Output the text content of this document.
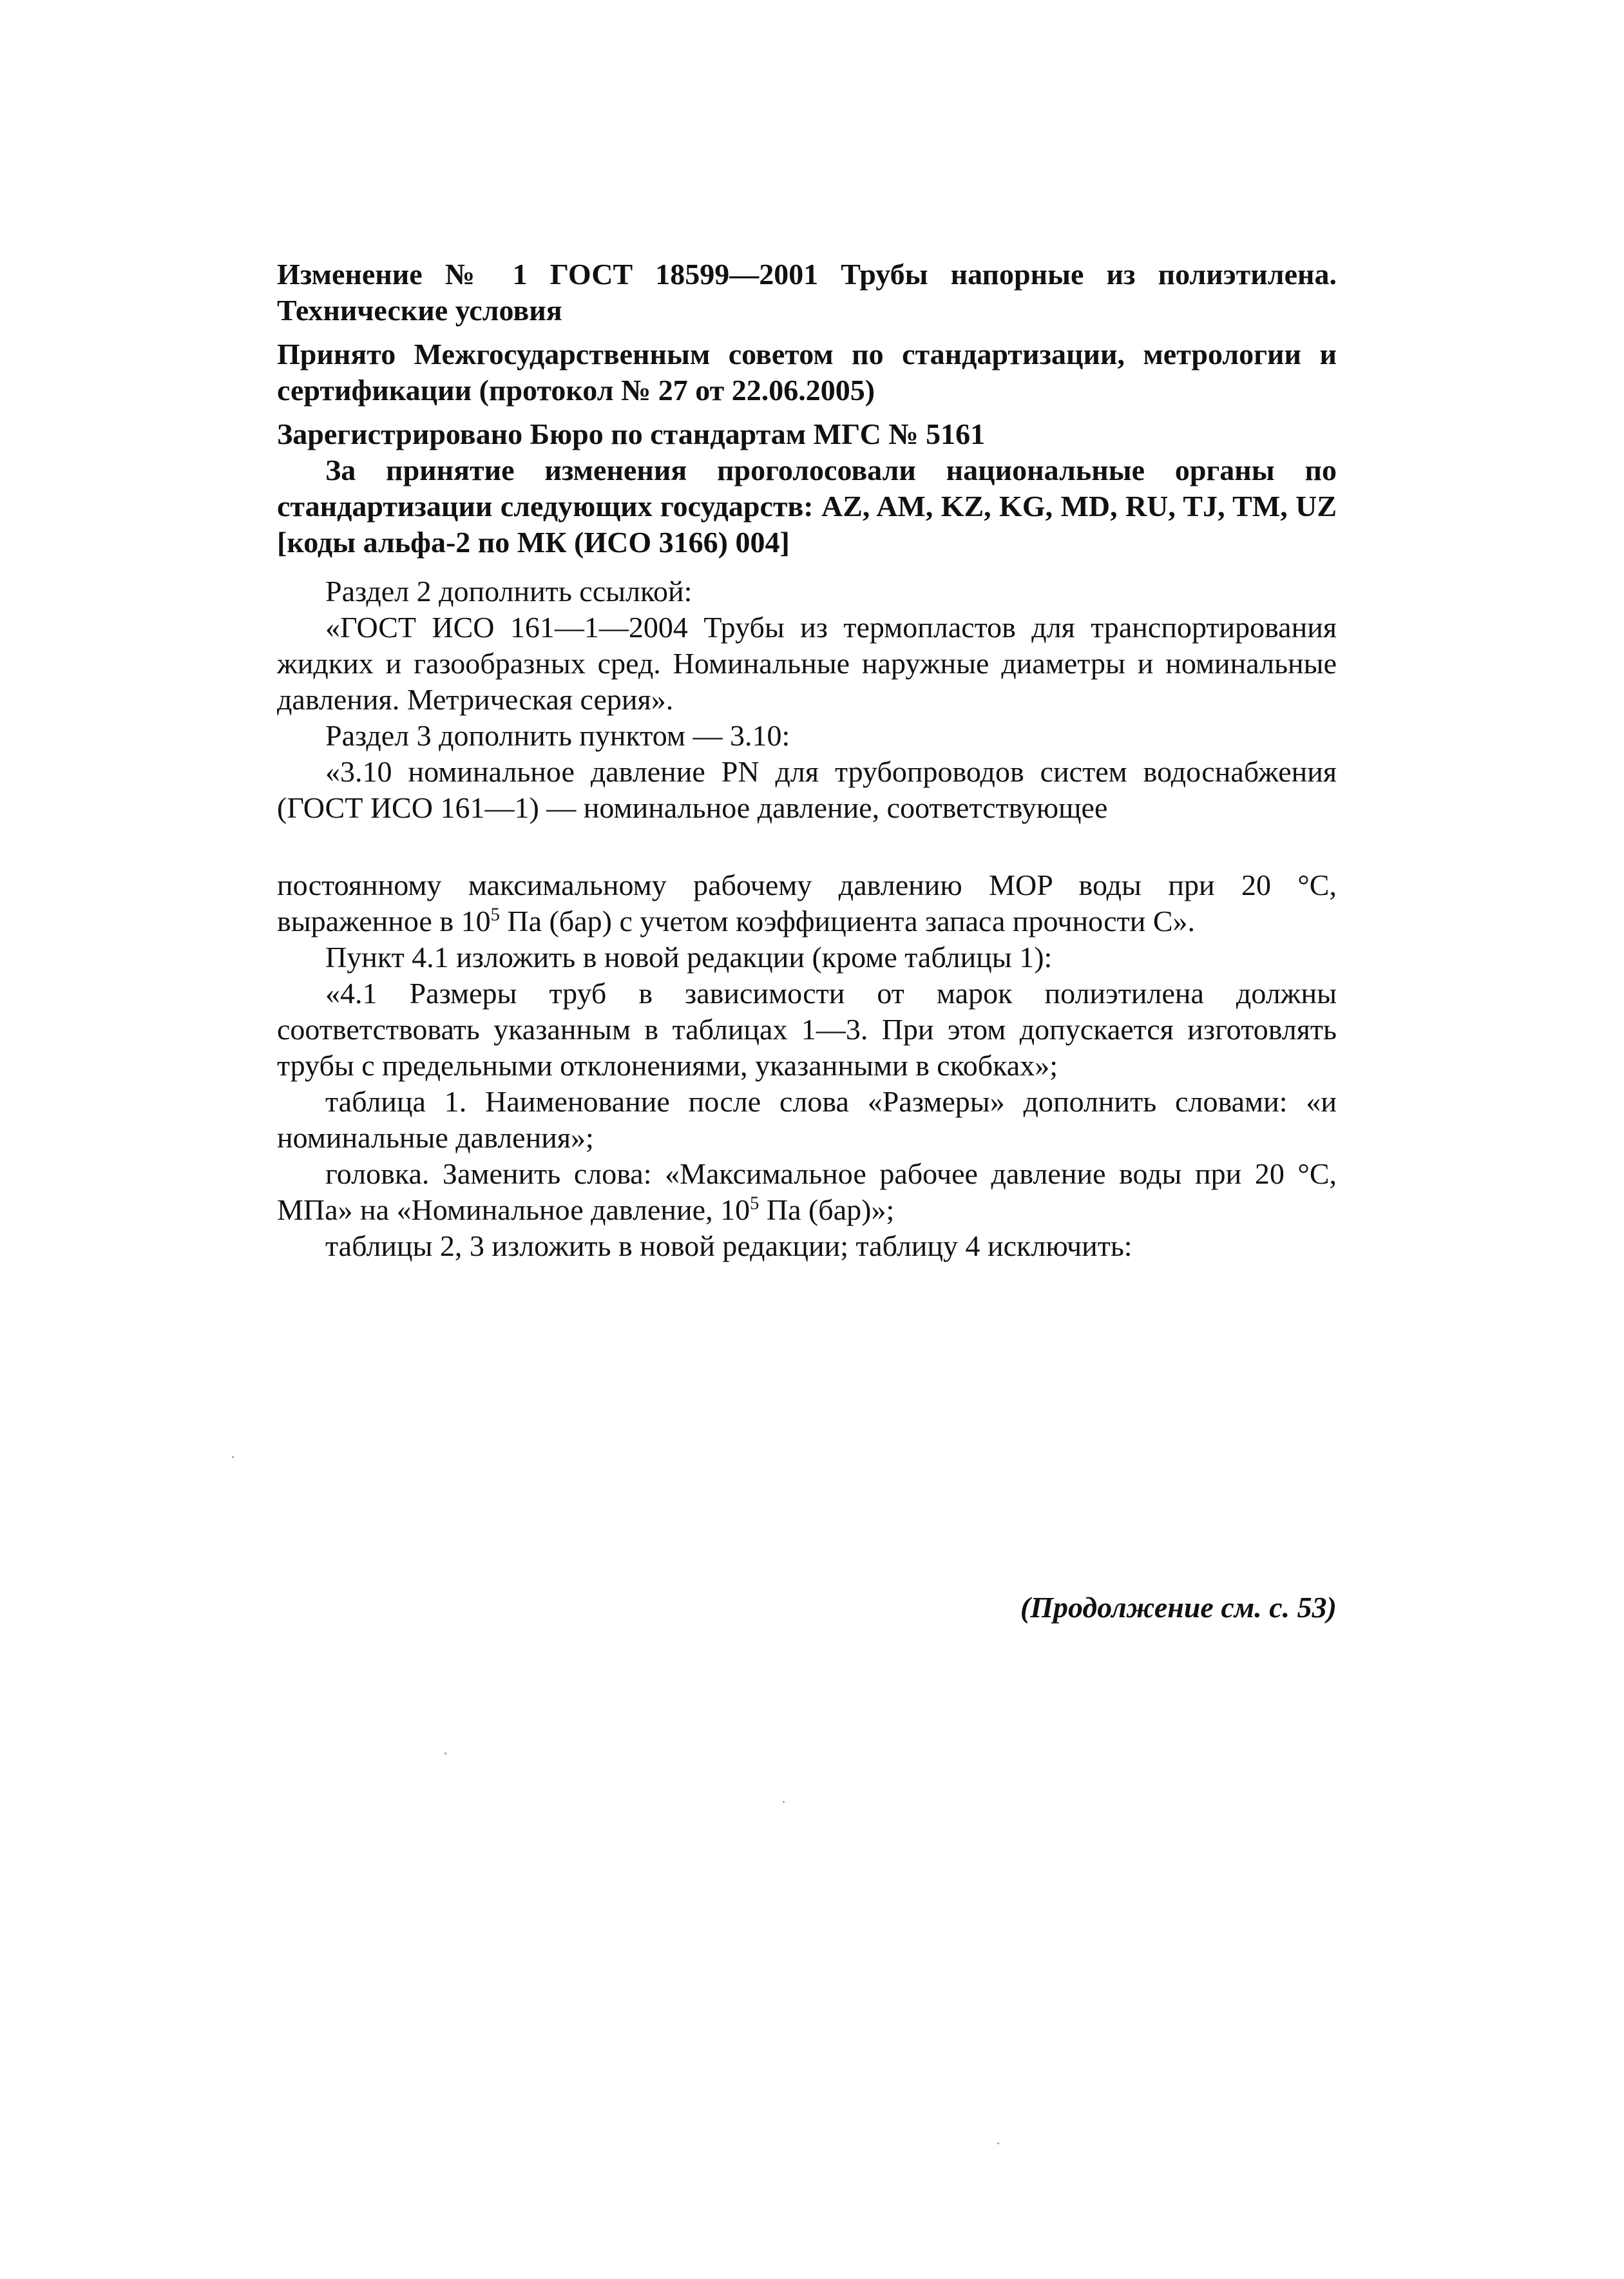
Изменение № 1 ГОСТ 18599—2001 Трубы напорные из полиэтилена. Технические условия

Принято Межгосударственным советом по стандартизации, метрологии и сертификации (протокол № 27 от 22.06.2005)

Зарегистрировано Бюро по стандартам МГС № 5161

За принятие изменения проголосовали национальные органы по стандартизации следующих государств: AZ, AM, KZ, KG, MD, RU, TJ, TM, UZ [коды альфа-2 по МК (ИСО 3166) 004]

Раздел 2 дополнить ссылкой:

«ГОСТ ИСО 161—1—2004 Трубы из термопластов для транспортирования жидких и газообразных сред. Номинальные наружные диаметры и номинальные давления. Метрическая серия».

Раздел 3 дополнить пунктом — 3.10:

«3.10 номинальное давление PN для трубопроводов систем водоснабжения (ГОСТ ИСО 161—1) — номинальное давление, соответствующее

постоянному максимальному рабочему давлению MOP воды при 20 °С, выраженное в $10^5$ Па (бар) с учетом коэффициента запаса прочности С».

Пункт 4.1 изложить в новой редакции (кроме таблицы 1):

«4.1 Размеры труб в зависимости от марок полиэтилена должны соответствовать указанным в таблицах 1—3. При этом допускается изготовлять трубы с предельными отклонениями, указанными в скобках»;

таблица 1. Наименование после слова «Размеры» дополнить словами: «и номинальные давления»;

головка. Заменить слова: «Максимальное рабочее давление воды при 20 °С, МПа» на «Номинальное давление, $10^5$ Па (бар)»;

таблицы 2, 3 изложить в новой редакции; таблицу 4 исключить:

(Продолжение см. с. 53)
